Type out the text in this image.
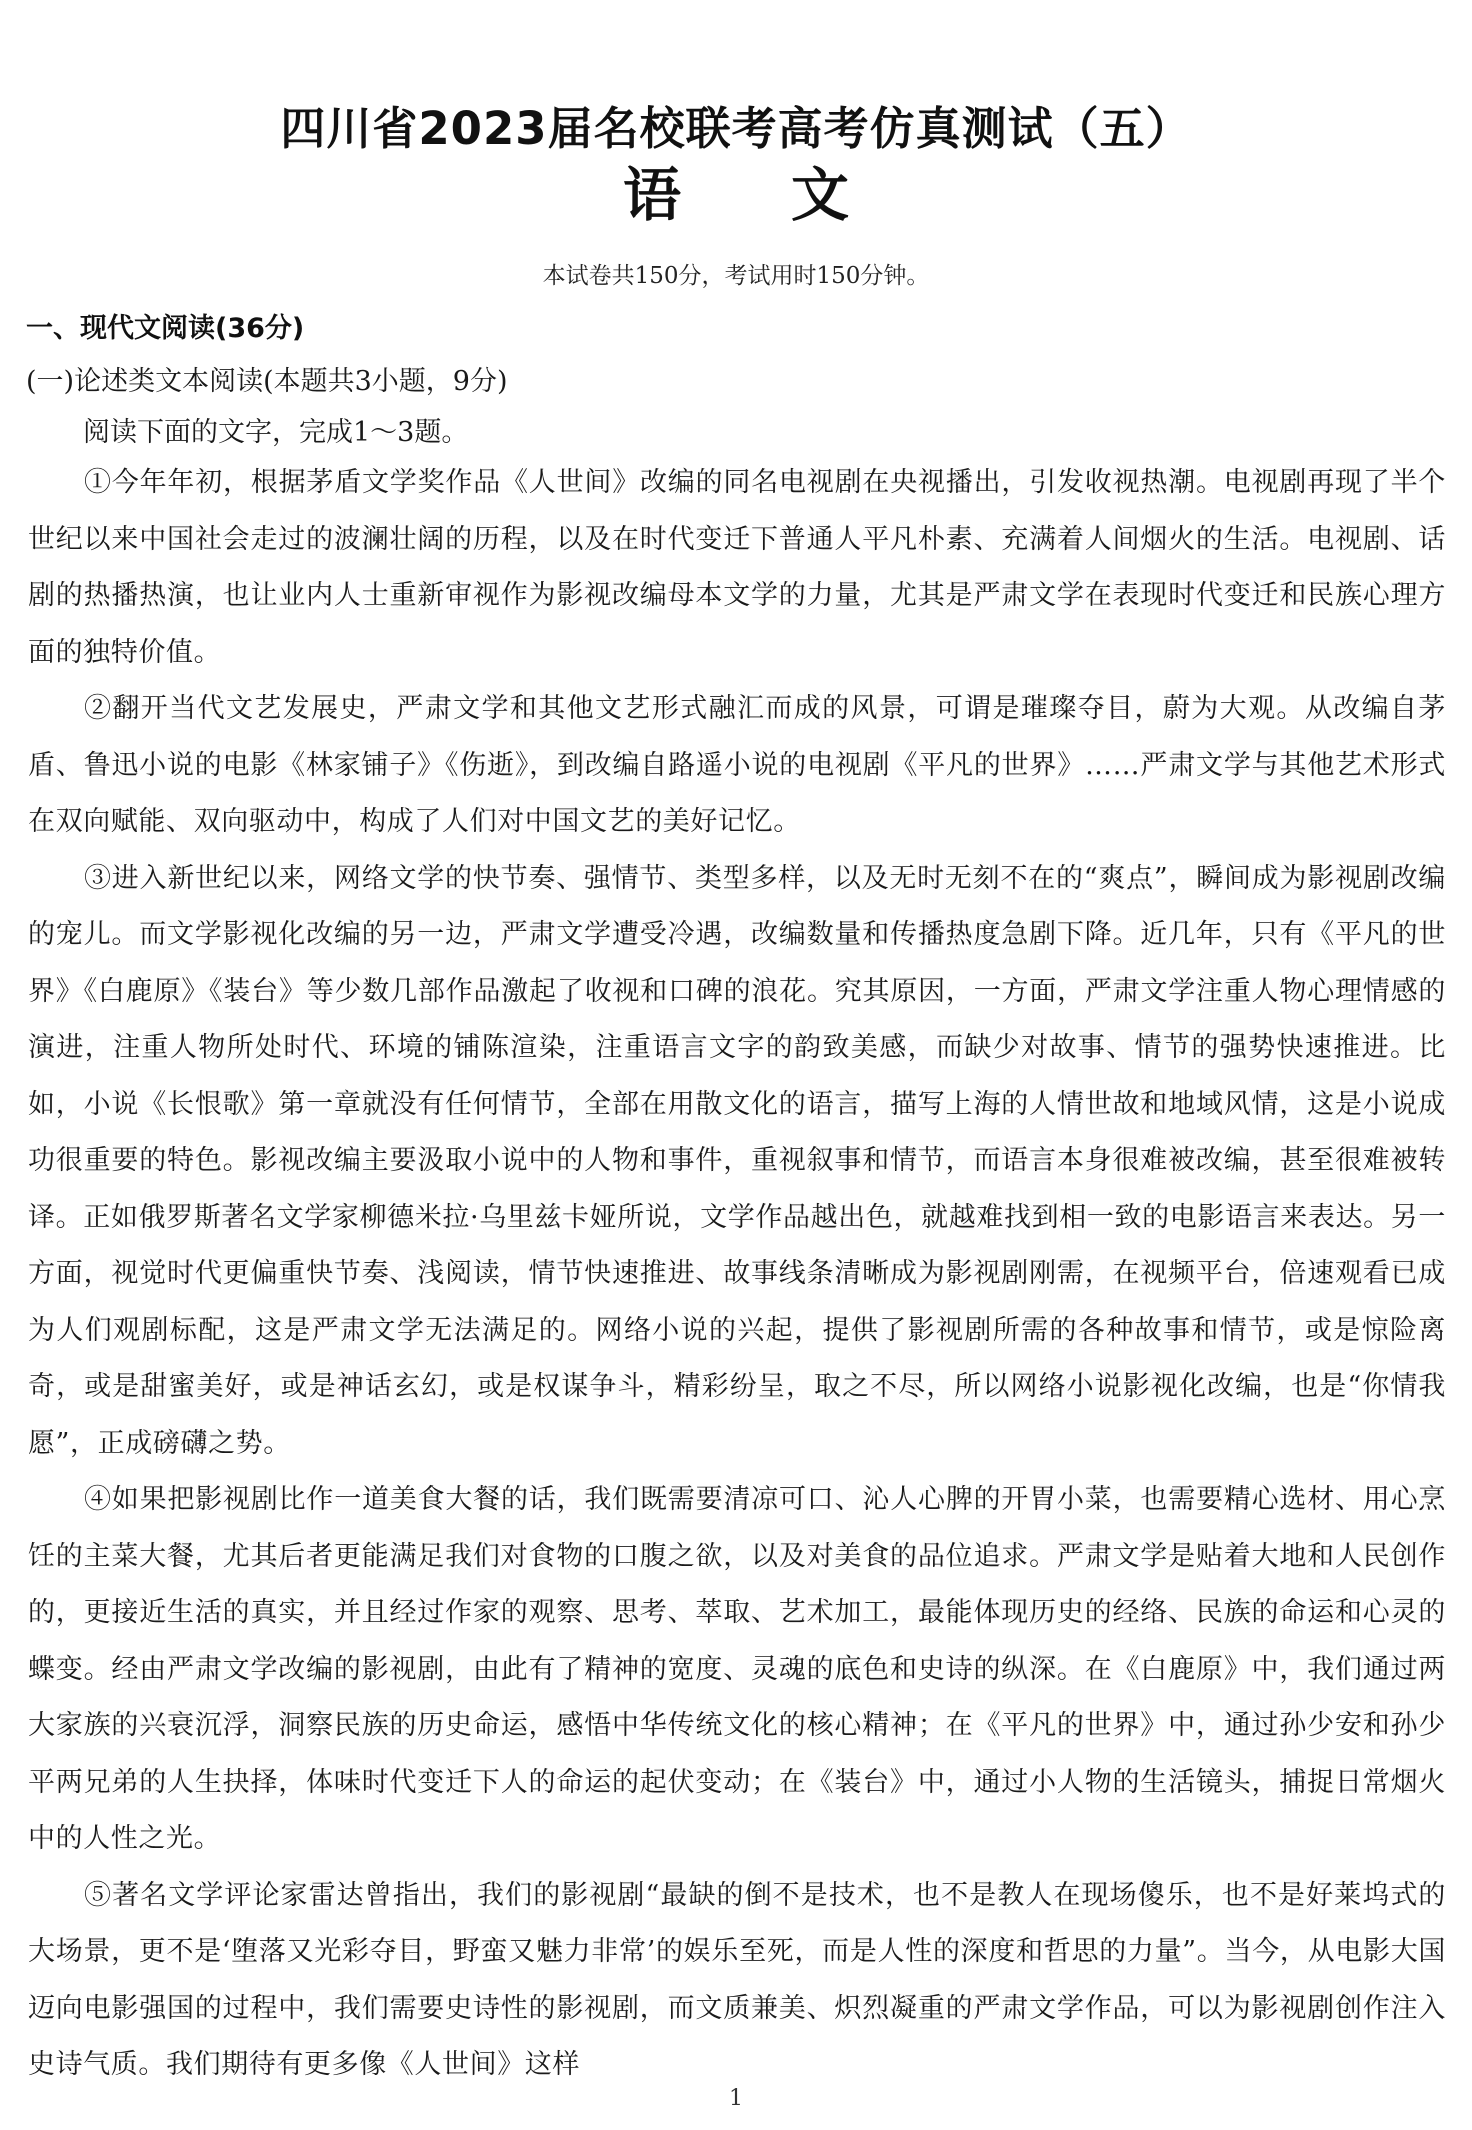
四川省2023届名校联考高考仿真测试（五）
语 文
本试卷共150分，考试用时150分钟。
一、现代文阅读(36分)
(一)论述类文本阅读(本题共3小题，9分)
阅读下面的文字，完成1～3题。

①今年年初，根据茅盾文学奖作品《人世间》改编的同名电视剧在央视播出，引发收视热潮。电视剧再现了半个世纪以来中国社会走过的波澜壮阔的历程，以及在时代变迁下普通人平凡朴素、充满着人间烟火的生活。电视剧、话剧的热播热演，也让业内人士重新审视作为影视改编母本文学的力量，尤其是严肃文学在表现时代变迁和民族心理方面的独特价值。

②翻开当代文艺发展史，严肃文学和其他文艺形式融汇而成的风景，可谓是璀璨夺目，蔚为大观。从改编自茅盾、鲁迅小说的电影《林家铺子》《伤逝》，到改编自路遥小说的电视剧《平凡的世界》……严肃文学与其他艺术形式在双向赋能、双向驱动中，构成了人们对中国文艺的美好记忆。

③进入新世纪以来，网络文学的快节奏、强情节、类型多样，以及无时无刻不在的“爽点”，瞬间成为影视剧改编的宠儿。而文学影视化改编的另一边，严肃文学遭受冷遇，改编数量和传播热度急剧下降。近几年，只有《平凡的世界》《白鹿原》《装台》等少数几部作品激起了收视和口碑的浪花。究其原因，一方面，严肃文学注重人物心理情感的演进，注重人物所处时代、环境的铺陈渲染，注重语言文字的韵致美感，而缺少对故事、情节的强势快速推进。比如，小说《长恨歌》第一章就没有任何情节，全部在用散文化的语言，描写上海的人情世故和地域风情，这是小说成功很重要的特色。影视改编主要汲取小说中的人物和事件，重视叙事和情节，而语言本身很难被改编，甚至很难被转译。正如俄罗斯著名文学家柳德米拉·乌里兹卡娅所说，文学作品越出色，就越难找到相一致的电影语言来表达。另一方面，视觉时代更偏重快节奏、浅阅读，情节快速推进、故事线条清晰成为影视剧刚需，在视频平台，倍速观看已成为人们观剧标配，这是严肃文学无法满足的。网络小说的兴起，提供了影视剧所需的各种故事和情节，或是惊险离奇，或是甜蜜美好，或是神话玄幻，或是权谋争斗，精彩纷呈，取之不尽，所以网络小说影视化改编，也是“你情我愿”，正成磅礴之势。

④如果把影视剧比作一道美食大餐的话，我们既需要清凉可口、沁人心脾的开胃小菜，也需要精心选材、用心烹饪的主菜大餐，尤其后者更能满足我们对食物的口腹之欲，以及对美食的品位追求。严肃文学是贴着大地和人民创作的，更接近生活的真实，并且经过作家的观察、思考、萃取、艺术加工，最能体现历史的经络、民族的命运和心灵的蝶变。经由严肃文学改编的影视剧，由此有了精神的宽度、灵魂的底色和史诗的纵深。在《白鹿原》中，我们通过两大家族的兴衰沉浮，洞察民族的历史命运，感悟中华传统文化的核心精神；在《平凡的世界》中，通过孙少安和孙少平两兄弟的人生抉择，体味时代变迁下人的命运的起伏变动；在《装台》中，通过小人物的生活镜头，捕捉日常烟火中的人性之光。

⑤著名文学评论家雷达曾指出，我们的影视剧“最缺的倒不是技术，也不是教人在现场傻乐，也不是好莱坞式的大场景，更不是‘堕落又光彩夺目，野蛮又魅力非常’的娱乐至死，而是人性的深度和哲思的力量”。当今，从电影大国迈向电影强国的过程中，我们需要史诗性的影视剧，而文质兼美、炽烈凝重的严肃文学作品，可以为影视剧创作注入史诗气质。我们期待有更多像《人世间》这样

1
